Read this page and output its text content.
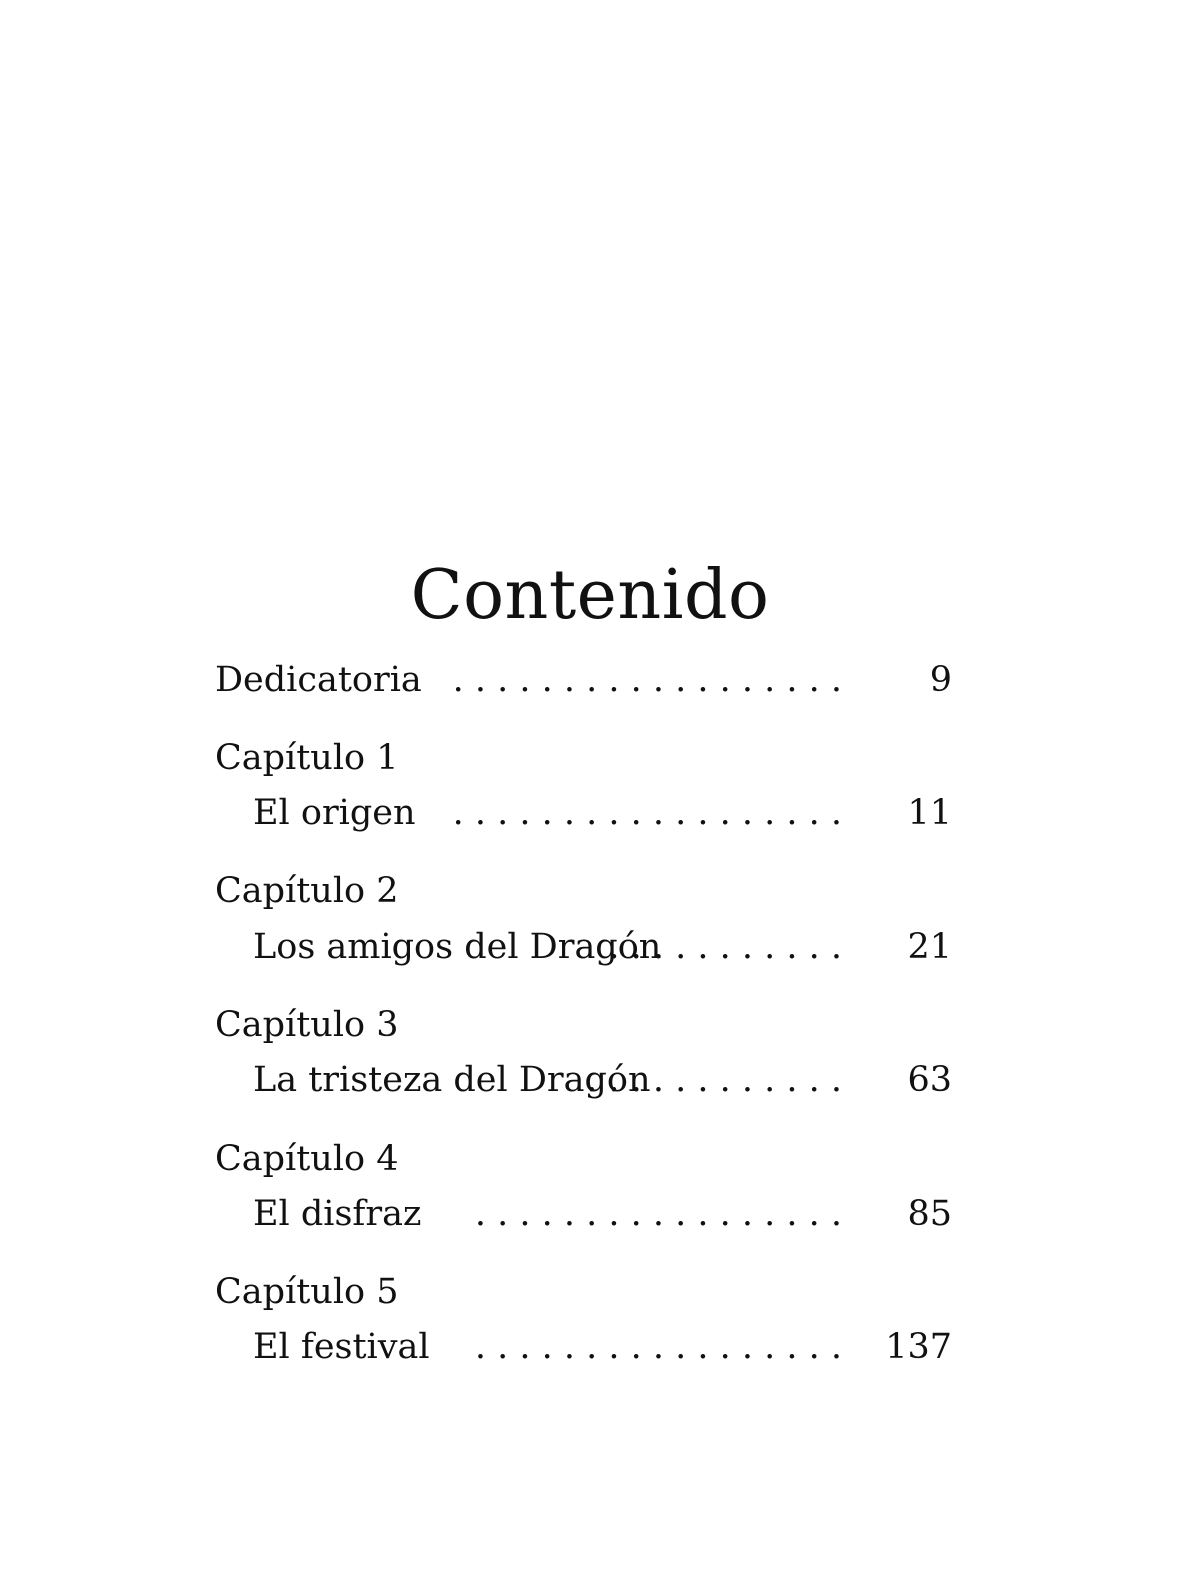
Contenido
Dedicatoria . . . . . . . . . . . . . . . . . .	9
Capítulo 1
El origen . . . . . . . . . . . . . . . . . . 11
Capítulo 2
Los amigos del Dragón
. . . . . . . . . . . 21
Capítulo 3
La tristeza del Dragón
. . . . . . . . . . . . 63
Capítulo 4
El disfraz . . . . . . . . . . . . . . . . . 85
Capítulo 5
El festival . . . . . . . . . . . . . . . . . 137
